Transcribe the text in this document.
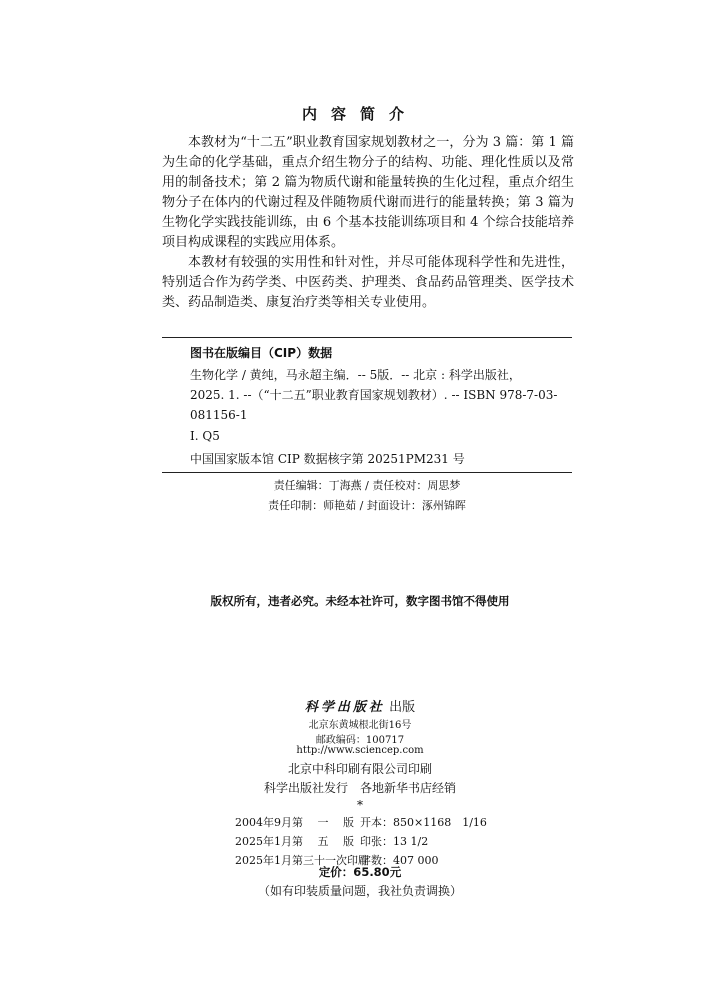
内容简介

本教材为“十二五”职业教育国家规划教材之一，分为 3 篇：第 1 篇为生命的化学基础，重点介绍生物分子的结构、功能、理化性质以及常用的制备技术；第 2 篇为物质代谢和能量转换的生化过程，重点介绍生物分子在体内的代谢过程及伴随物质代谢而进行的能量转换；第 3 篇为生物化学实践技能训练，由 6 个基本技能训练项目和 4 个综合技能培养项目构成课程的实践应用体系。

本教材有较强的实用性和针对性，并尽可能体现科学性和先进性，特别适合作为药学类、中医药类、护理类、食品药品管理类、医学技术类、药品制造类、康复治疗类等相关专业使用。

图书在版编目（CIP）数据
生物化学 / 黄纯，马永超主编．-- 5版．-- 北京 : 科学出版社，
2025. 1. --（“十二五”职业教育国家规划教材）. -- ISBN 978-7-03-
081156-1
Ⅰ. Q5
中国国家版本馆 CIP 数据核字第 20251PM231 号
责任编辑：丁海燕 / 责任校对：周思梦
责任印制：师艳茹 / 封面设计：涿州锦晖
版权所有，违者必究。未经本社许可，数字图书馆不得使用
科学出版社 出版
北京东黄城根北街16号
邮政编码：100717
http://www.sciencep.com
北京中科印刷有限公司印刷
科学出版社发行　各地新华书店经销
*
2004年9月第　 一　 版 开本：850×1168　1/16
2025年1月第　 五　 版 印张：13 1/2
2025年1月第三十一次印刷
字数：407 000
定价：65.80元
（如有印装质量问题，我社负责调换）
